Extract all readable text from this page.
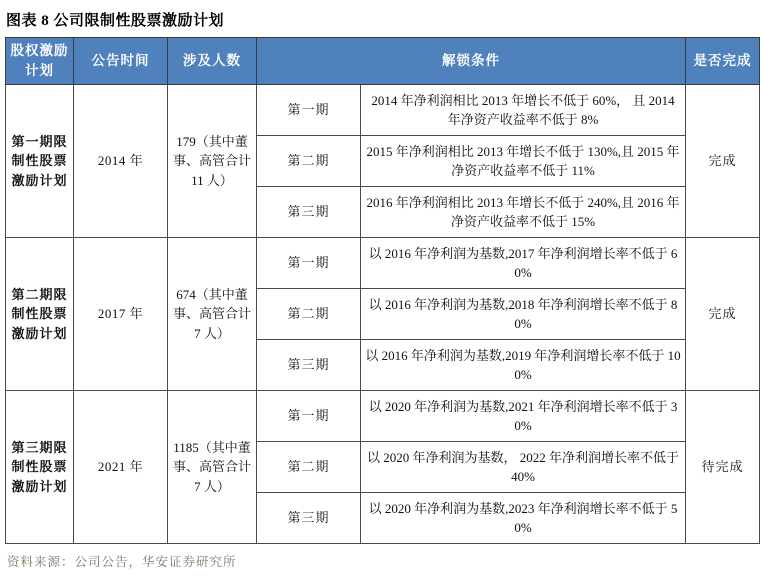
图表 8 公司限制性股票激励计划
股权激励计划	公告时间	涉及人数	解锁条件		是否完成
第一期限制性股票激励计划	2014 年	179（其中董事、高管合计 11 人）	第一期	2014 年净利润相比 2013 年增长不低于 60%， 且 2014 年净资产收益率不低于 8%	完成
			第二期	2015 年净利润相比 2013 年增长不低于 130%,且 2015 年净资产收益率不低于 11%	
			第三期	2016 年净利润相比 2013 年增长不低于 240%,且 2016 年净资产收益率不低于 15%	
第二期限制性股票激励计划	2017 年	674（其中董事、高管合计 7 人）	第一期	以 2016 年净利润为基数,2017 年净利润增长率不低于 60%	完成
			第二期	以 2016 年净利润为基数,2018 年净利润增长率不低于 80%	
			第三期	以 2016 年净利润为基数,2019 年净利润增长率不低于 100%	
第三期限制性股票激励计划	2021 年	1185（其中董事、高管合计 7 人）	第一期	以 2020 年净利润为基数,2021 年净利润增长率不低于 30%	待完成
			第二期	以 2020 年净利润为基数， 2022 年净利润增长率不低于 40%	
			第三期	以 2020 年净利润为基数,2023 年净利润增长率不低于 50%	
资料来源：公司公告，华安证券研究所
